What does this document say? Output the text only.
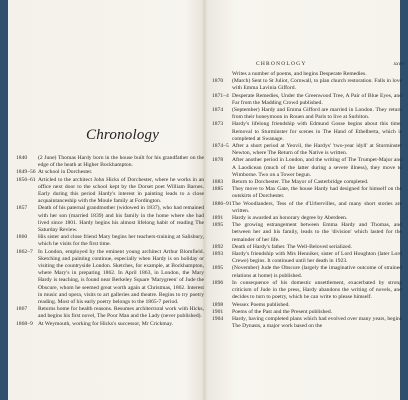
Chronology
1840	(2 June) Thomas Hardy born in the house built for his grandfather on the edge of the heath at Higher Bockhampton.
1849–56 At school in Dorchester.
1856–61 Articled to the architect John Hicks of Dorchester, where he works in an office next door to the school kept by the Dorset poet William Barnes. Early during this period Hardy's interest in painting leads to a close acquaintanceship with the Moule family at Fordington.
1857	Death of his paternal grandmother (widowed in 1837), who had remained with her son (married 1839) and his family in the home where she had lived since 1801. Hardy begins his almost lifelong habit of reading The Saturday Review.
1860	His sister and close friend Mary begins her teachers-training at Salisbury, which he visits for the first time.
1862–7 In London, employed by the eminent young architect Arthur Blomfield. Sketching and painting continue, especially when Hardy is on holiday or visiting the countryside London. Sketches, for example, at Bockhampton, where Mary's in preparing 1862. In April 1863, in London, the Mary Hardy is teaching, is found near Berkeley Square 'Marygreen' of Jude the Obscure, whom he seemed great worth again at Christmas, 1862. Interest in music and opera, visits to art galleries and theatre. Begins to try poetry reading. Most of his early poetry belongs to the 1865-7 period.
1867	Returns home for health reasons. Resumes architectural work with Hicks, and begins his first novel, The Poor Man and the Lady (never published).
1868–9 At Weymouth, working for Hicks's successor, Mr Crickmay.
CHRONOLOGY	xxvii
Writes a number of poems, and begins Desperate Remedies.
1870	(March) Sent to St Juliot, Cornwall, to plan church restoration. Falls in love with Emma Lavinia Gifford.
1871–4 Desperate Remedies, Under the Greenwood Tree, A Pair of Blue Eyes, and Far from the Madding Crowd published.
1874	(September) Hardy and Emma Gifford are married in London. They return from their honeymoon in Rouen and Paris to live at Surbiton.
1873	Hardy's lifelong friendship with Edmund Gosse begins about this time. Removal to Sturminster for scenes in The Hand of Ethelberta, which is completed at Swanage.
1874–5 After a short period at Yeovil, the Hardys' 'two-year idyll' at Sturminster Newton, where The Return of the Native is written.
1878	After another period in London, and the writing of The Trumpet-Major and A Laodicean (much of the latter during a severe illness), they move to Wimborne. Two on a Tower begun.
1883	Return to Dorchester. The Mayor of Casterbridge completed.
1885	They move to Max Gate, the house Hardy had designed for himself on the outskirts of Dorchester.
1886–91 The Woodlanders, Tess of the d'Urbervilles, and many short stories are written.
1891	Hardy is awarded an honorary degree by Aberdeen.
1895	The growing estrangement between Emma Hardy and Thomas, and between her and his family, leads to the 'division' which lasted for the remainder of her life.
1892	Death of Hardy's father. The Well-Beloved serialized.
1893	Hardy's friendship with Mrs Henniker, sister of Lord Houghton (later Lord Crewe) begins. It continued until her death in 1923.
1895	(November) Jude the Obscure (largely the imaginative outcome of strained relations at home) is published.
1896	In consequence of his domestic unsettlement, exacerbated by strong criticism of Jude in the press, Hardy abandons the writing of novels, and decides to turn to poetry, which he can write to please himself.
1898	Wessex Poems published.
1901	Poems of the Past and the Present published.
1904	Hardy, having completed plans which had evolved over many years, begins The Dynasts, a major work based on the
